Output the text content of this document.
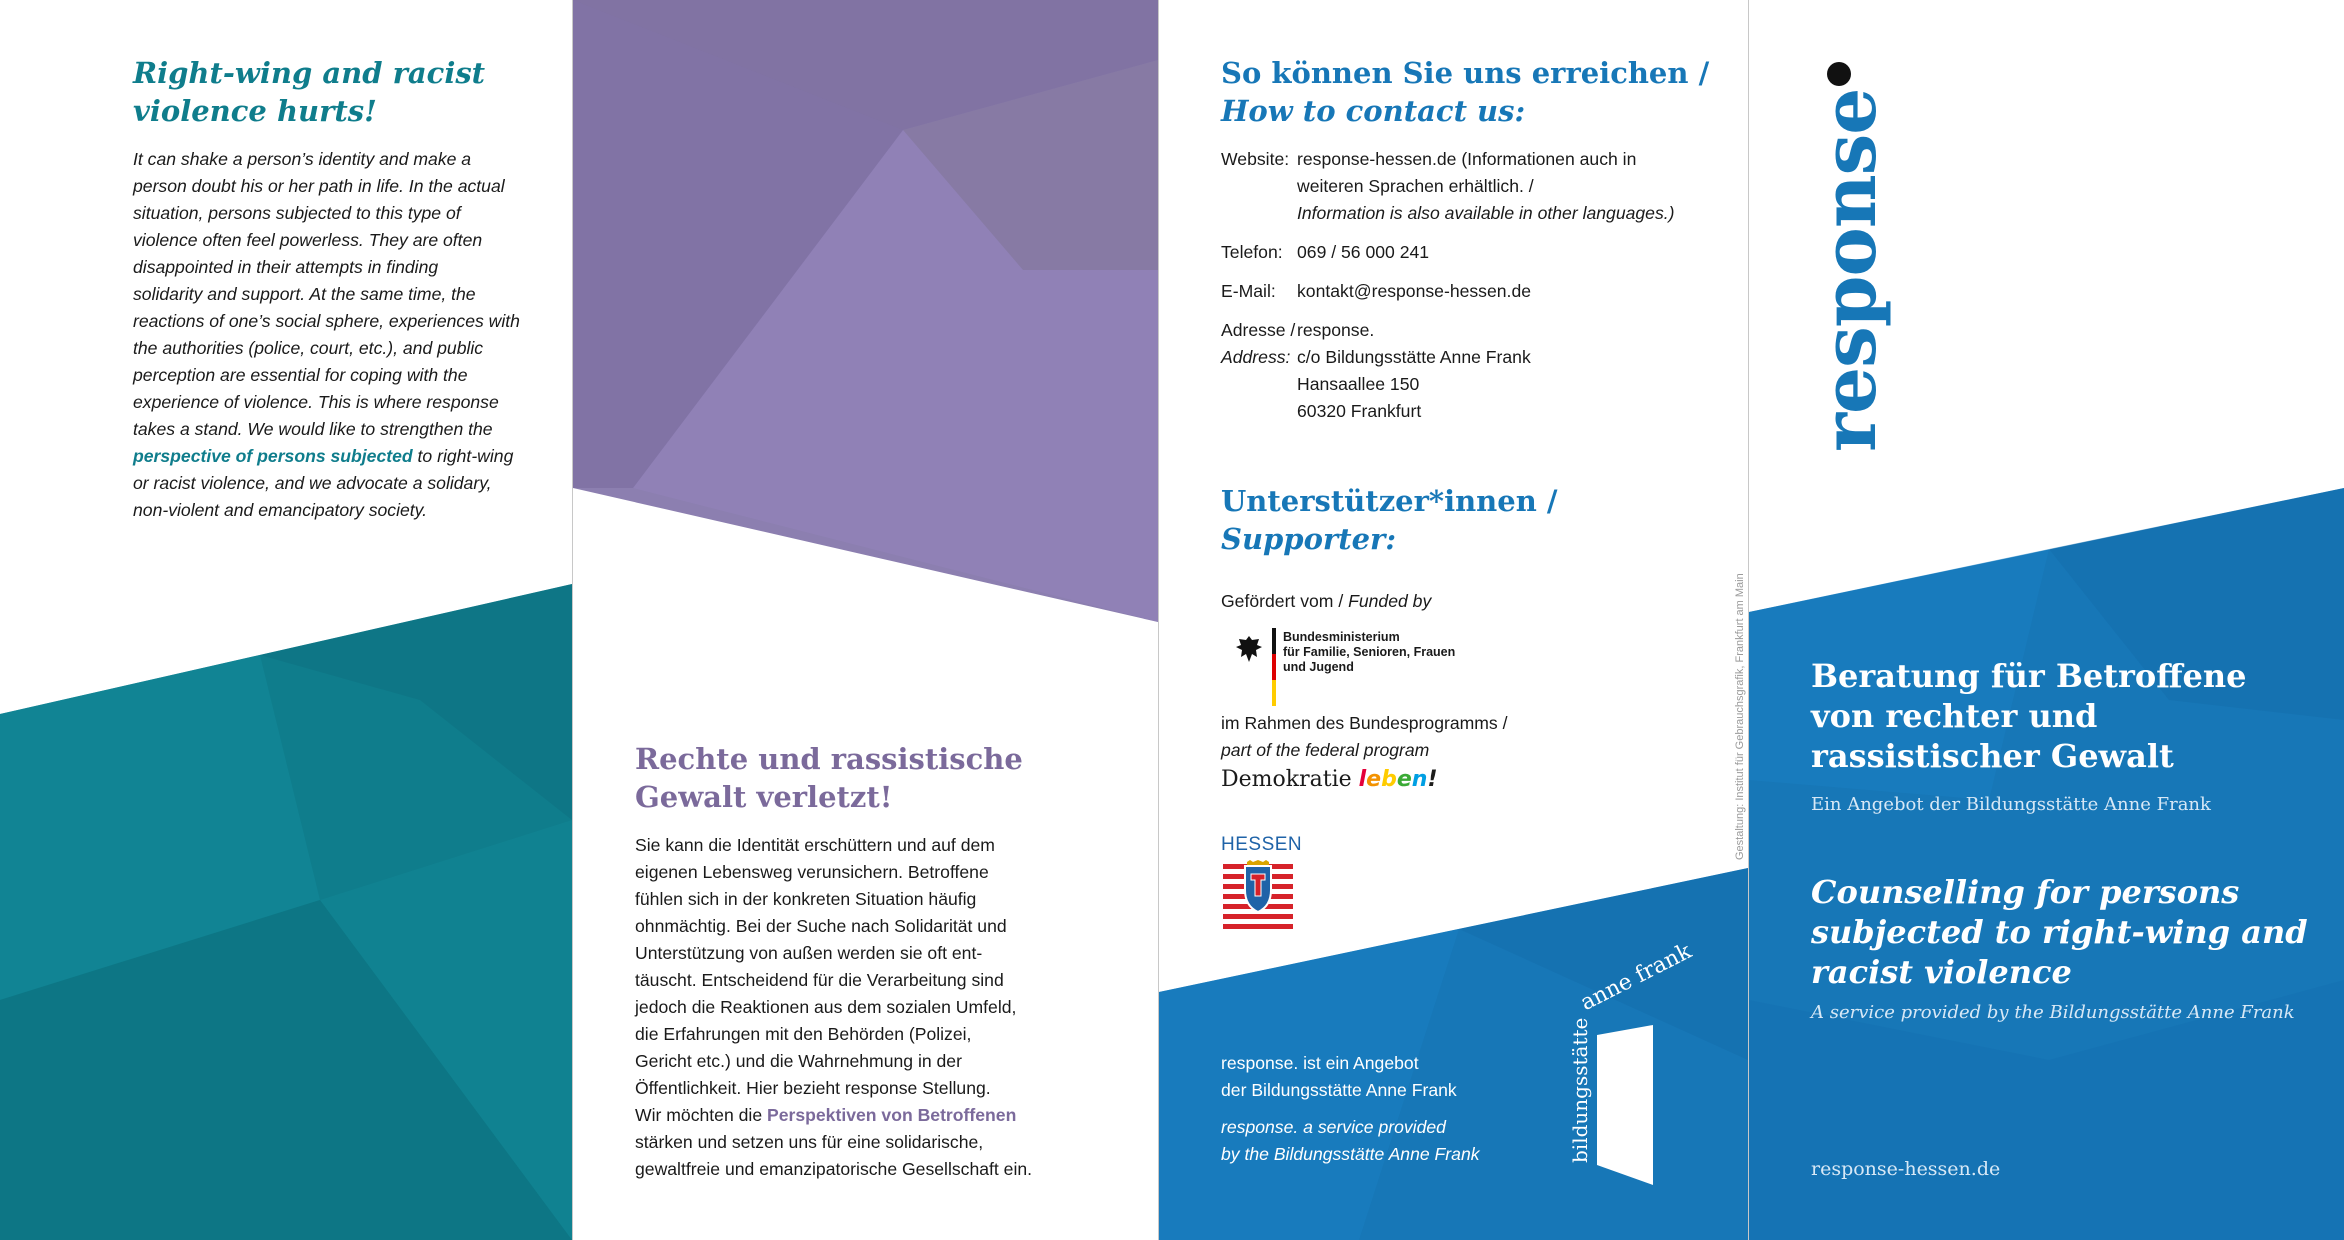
Right-wing and racist
violence hurts!
It can shake a person’s identity and make a
person doubt his or her path in life. In the actual
situation, persons subjected to this type of
violence often feel powerless. They are often
disappointed in their attempts in finding
solidarity and support. At the same time, the
reactions of one’s social sphere, experiences with
the authorities (police, court, etc.), and public
perception are essential for coping with the
experience of violence. This is where response
takes a stand. We would like to strengthen the
perspective of persons subjected to right-wing
or racist violence, and we advocate a solidary,
non-violent and emancipatory society.
Rechte und rassistische
Gewalt verletzt!
Sie kann die Identität erschüttern und auf dem
eigenen Lebensweg verunsichern. Betroffene
fühlen sich in der konkreten Situation häufig
ohnmächtig. Bei der Suche nach Solidarität und
Unterstützung von außen werden sie oft ent-
täuscht. Entscheidend für die Verarbeitung sind
jedoch die Reaktionen aus dem sozialen Umfeld,
die Erfahrungen mit den Behörden (Polizei,
Gericht etc.) und die Wahrnehmung in der
Öffentlichkeit. Hier bezieht response Stellung.
Wir möchten die Perspektiven von Betroffenen
stärken und setzen uns für eine solidarische,
gewaltfreie und emanzipatorische Gesellschaft ein.
So können Sie uns erreichen /
How to contact us:
Website: response-hessen.de (Informationen auch in
weiteren Sprachen erhältlich. /
Information is also available in other languages.)
Telefon: 069 / 56 000 241
E-Mail: kontakt@response-hessen.de
Adresse /
Address:
response.
c/o Bildungsstätte Anne Frank
Hansaallee 150
60320 Frankfurt
Unterstützer*innen /
Supporter:
Gefördert vom / Funded by
Bundesministerium
für Familie, Senioren, Frauen
und Jugend
im Rahmen des Bundesprogramms /
part of the federal program
Demokratie leben!
HESSEN	Gestaltung: Institut für Gebrauchsgrafik, Frankfurt am Main
response. ist ein Angebot
der Bildungsstätte Anne Frank
response. a service provided
by the Bildungsstätte Anne Frank	bildungsstätte
anne frank
response
Beratung für Betroffene
von rechter und
rassistischer Gewalt
Ein Angebot der Bildungsstätte Anne Frank
Counselling for persons
subjected to right-wing and
racist violence
A service provided by the Bildungsstätte Anne Frank
response-hessen.de
